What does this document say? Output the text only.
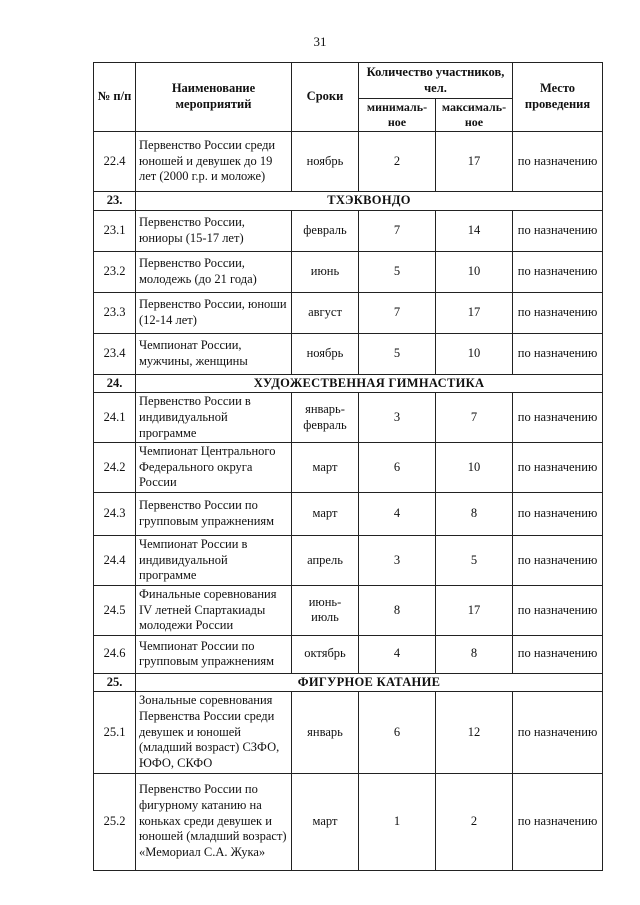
31
№ п/п	Наименование мероприятий	Сроки	Количество участников, чел.		Место проведения
			минималь-ное	максималь-ное	
22.4	Первенство России среди юношей и девушек до 19 лет (2000 г.р. и моложе)	ноябрь	2	17	по назначению
23.	ТХЭКВОНДО				
23.1	Первенство России, юниоры (15-17 лет)	февраль	7	14	по назначению
23.2	Первенство России, молодежь (до 21 года)	июнь	5	10	по назначению
23.3	Первенство России, юноши (12-14 лет)	август	7	17	по назначению
23.4	Чемпионат России, мужчины, женщины	ноябрь	5	10	по назначению
24.	ХУДОЖЕСТВЕННАЯ ГИМНАСТИКА				
24.1	Первенство России в индивидуальной программе	январь-февраль	3	7	по назначению
24.2	Чемпионат Центрального Федерального округа России	март	6	10	по назначению
24.3	Первенство России по групповым упражнениям	март	4	8	по назначению
24.4	Чемпионат России в индивидуальной программе	апрель	3	5	по назначению
24.5	Финальные соревнования IV летней Спартакиады молодежи России	июнь-июль	8	17	по назначению
24.6	Чемпионат России по групповым упражнениям	октябрь	4	8	по назначению
25.	ФИГУРНОЕ КАТАНИЕ				
25.1	Зональные соревнования Первенства России среди девушек и юношей (младший возраст) СЗФО, ЮФО, СКФО	январь	6	12	по назначению
25.2	Первенство России по фигурному катанию на коньках среди девушек и юношей (младший возраст) «Мемориал С.А. Жука»	март	1	2	по назначению
